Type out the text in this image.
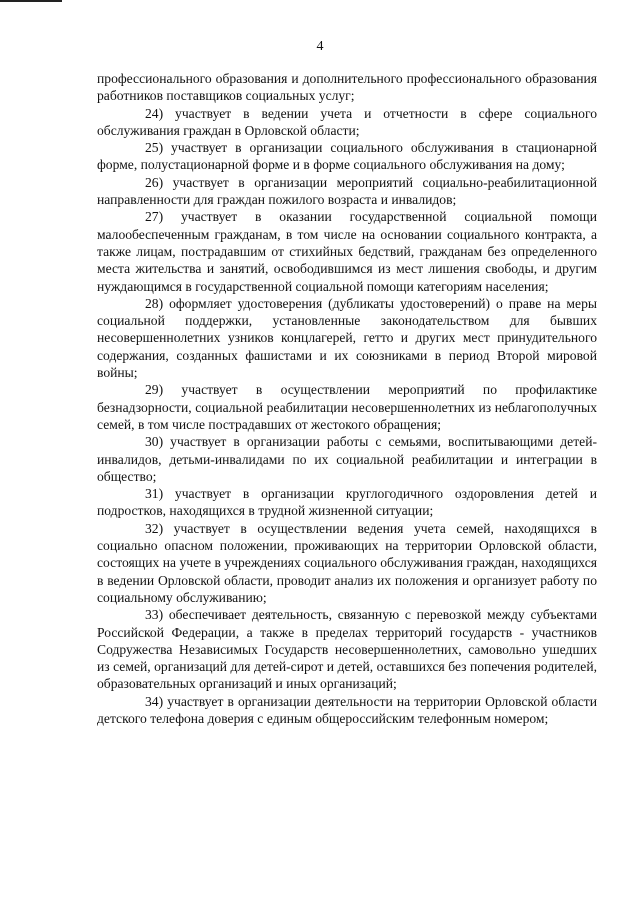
4

профессионального образования и дополнительного профессионального образования работников поставщиков социальных услуг;

24) участвует в ведении учета и отчетности в сфере социального обслуживания граждан в Орловской области;

25) участвует в организации социального обслуживания в стационарной форме, полустационарной форме и в форме социального обслуживания на дому;

26) участвует в организации мероприятий социально-реабилитационной направленности для граждан пожилого возраста и инвалидов;

27) участвует в оказании государственной социальной помощи малообеспеченным гражданам, в том числе на основании социального контракта, а также лицам, пострадавшим от стихийных бедствий, гражданам без определенного места жительства и занятий, освободившимся из мест лишения свободы, и другим нуждающимся в государственной социальной помощи категориям населения;

28) оформляет удостоверения (дубликаты удостоверений) о праве на меры социальной поддержки, установленные законодательством для бывших несовершеннолетних узников концлагерей, гетто и других мест принудительного содержания, созданных фашистами и их союзниками в период Второй мировой войны;

29) участвует в осуществлении мероприятий по профилактике безнадзорности, социальной реабилитации несовершеннолетних из неблагополучных семей, в том числе пострадавших от жестокого обращения;

30) участвует в организации работы с семьями, воспитывающими детей-инвалидов, детьми-инвалидами по их социальной реабилитации и интеграции в общество;

31) участвует в организации круглогодичного оздоровления детей и подростков, находящихся в трудной жизненной ситуации;

32) участвует в осуществлении ведения учета семей, находящихся в социально опасном положении, проживающих на территории Орловской области, состоящих на учете в учреждениях социального обслуживания граждан, находящихся в ведении Орловской области, проводит анализ их положения и организует работу по социальному обслуживанию;

33) обеспечивает деятельность, связанную с перевозкой между субъектами Российской Федерации, а также в пределах территорий государств - участников Содружества Независимых Государств несовершеннолетних, самовольно ушедших из семей, организаций для детей-сирот и детей, оставшихся без попечения родителей, образовательных организаций и иных организаций;

34) участвует в организации деятельности на территории Орловской области детского телефона доверия с единым общероссийским телефонным номером;
